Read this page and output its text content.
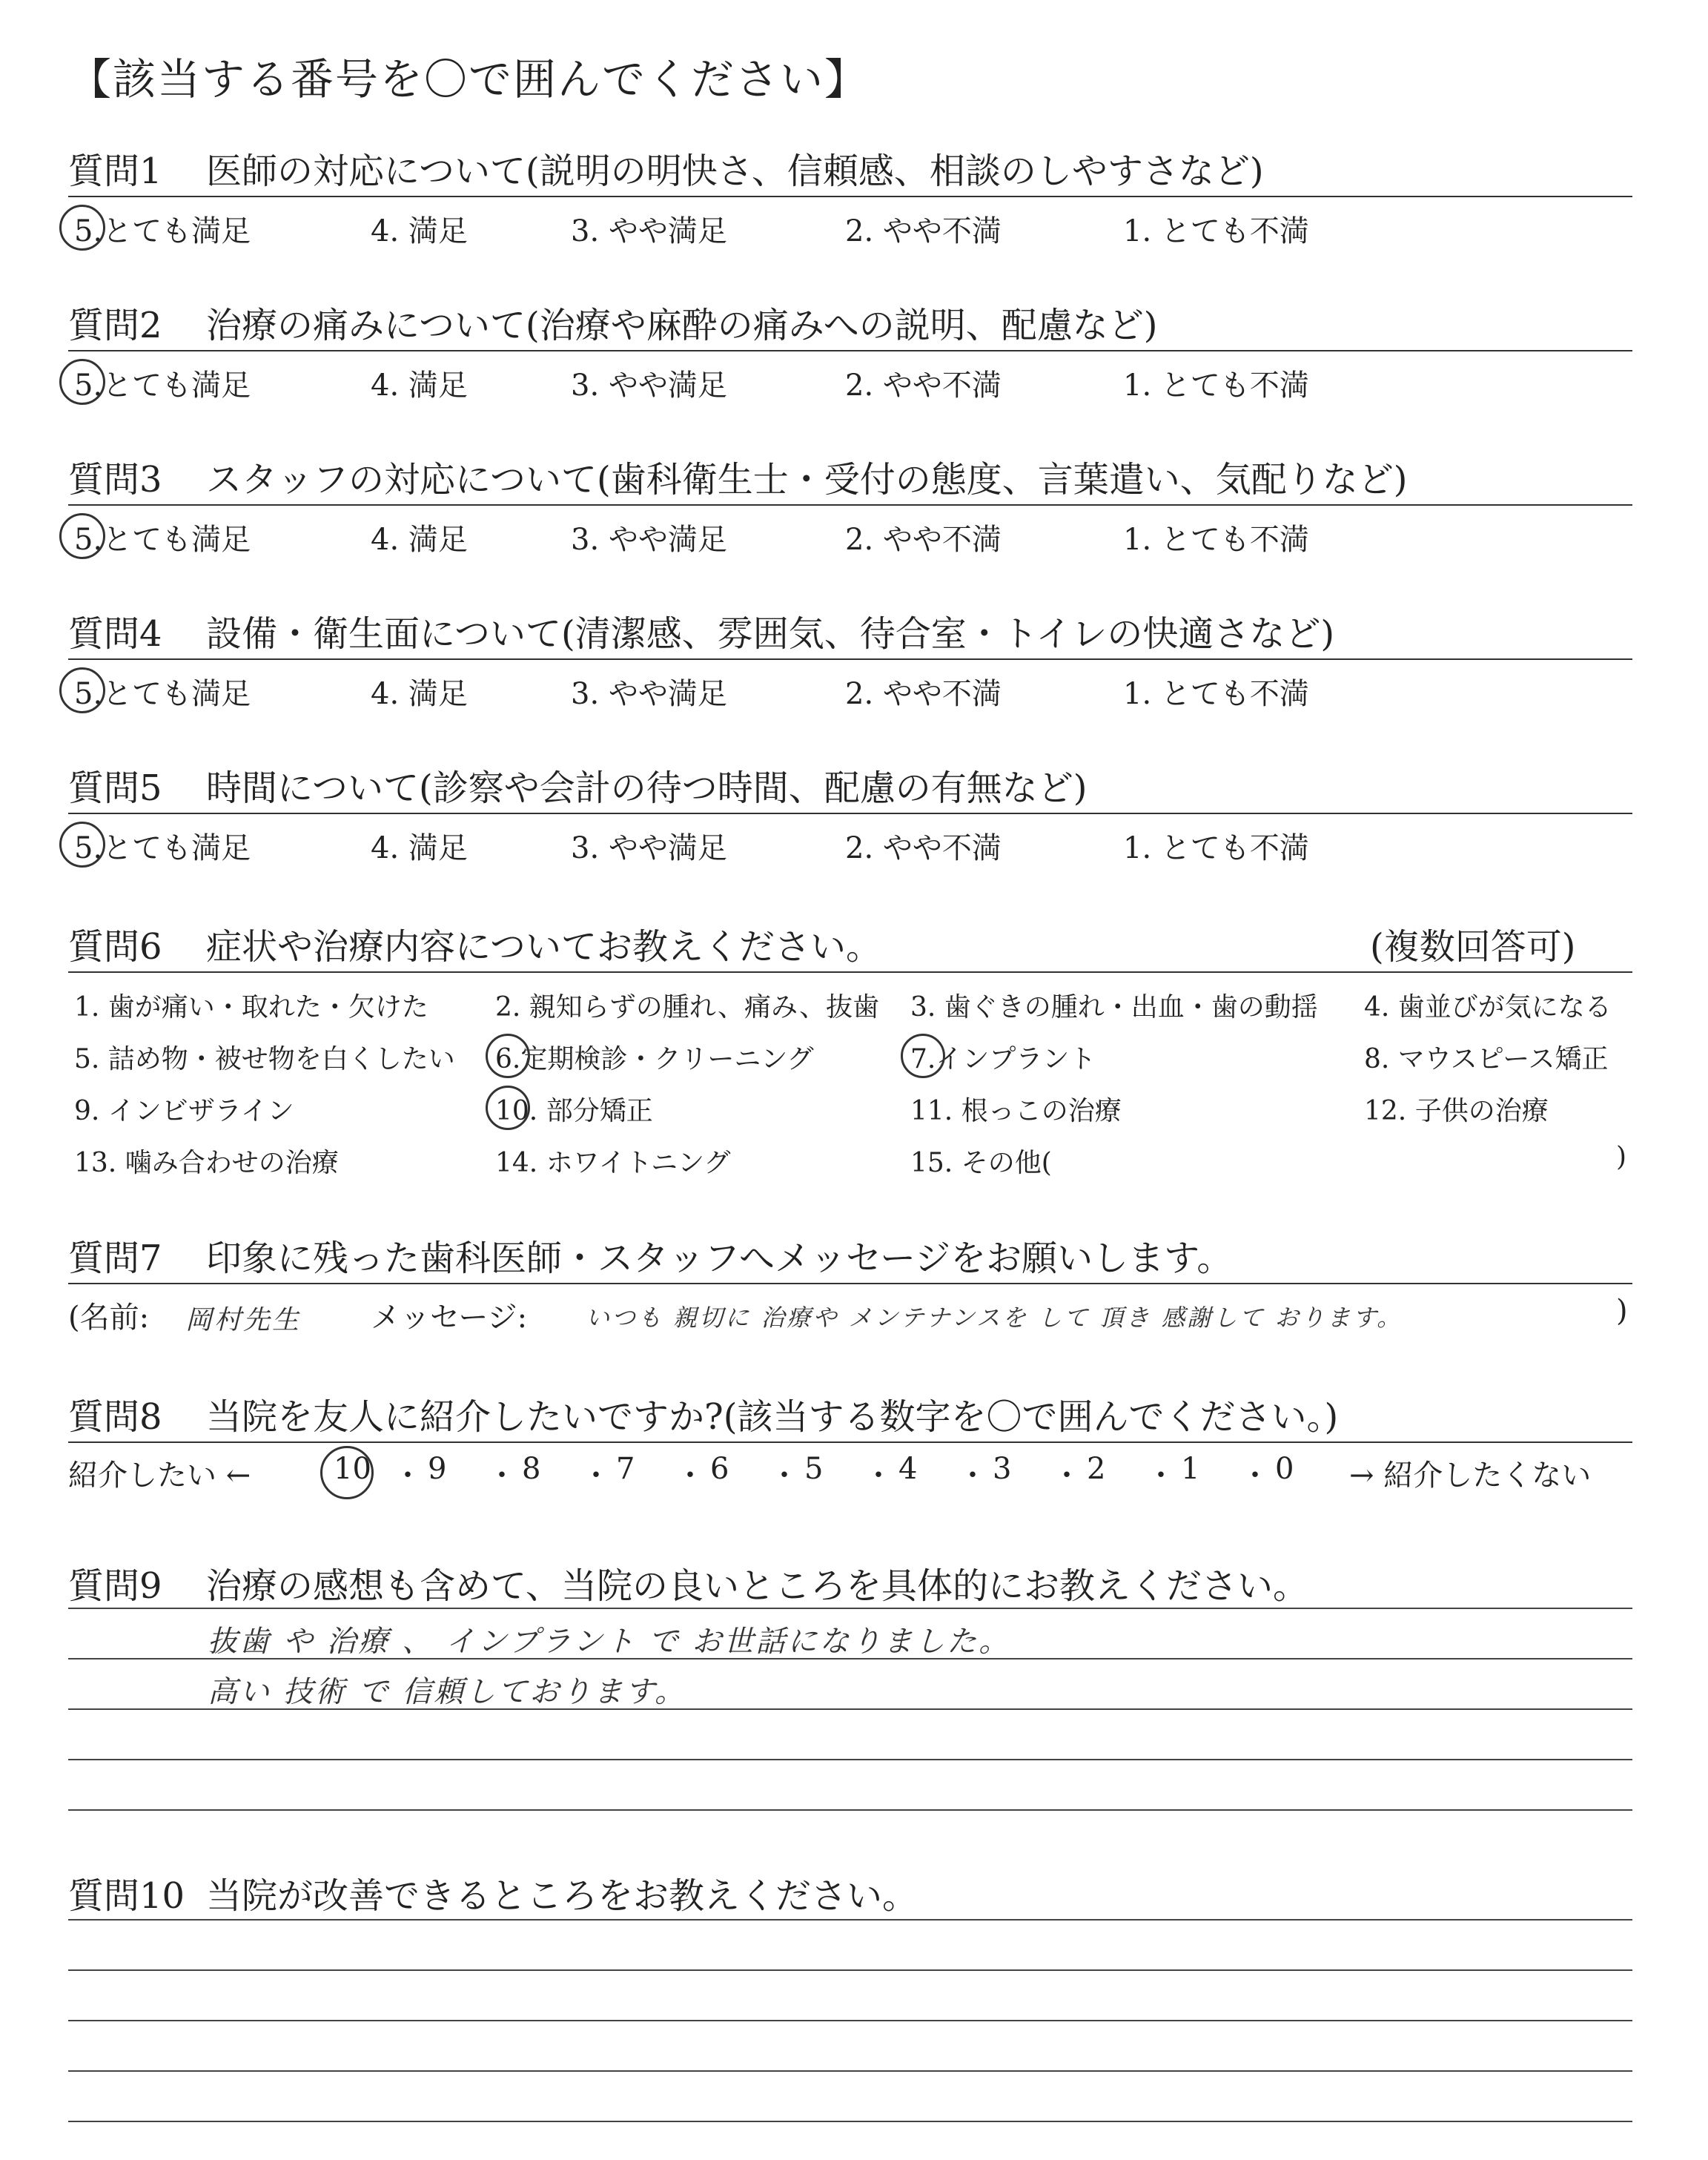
【該当する番号を〇で囲んでください】
質問1 医師の対応について(説明の明快さ、信頼感、相談のしやすさなど)
5.とても満足	4. 満足	3. やや満足	2. やや不満	1. とても不満
質問2 治療の痛みについて(治療や麻酔の痛みへの説明、配慮など)
5.とても満足	4. 満足	3. やや満足	2. やや不満	1. とても不満
質問3 スタッフの対応について(歯科衛生士・受付の態度、言葉遣い、気配りなど)
5.とても満足	4. 満足	3. やや満足	2. やや不満	1. とても不満
質問4 設備・衛生面について(清潔感、雰囲気、待合室・トイレの快適さなど)
5.とても満足	4. 満足	3. やや満足	2. やや不満	1. とても不満
質問5 時間について(診察や会計の待つ時間、配慮の有無など)
5.とても満足	4. 満足	3. やや満足	2. やや不満	1. とても不満
質問6 症状や治療内容についてお教えください。	(複数回答可)
1. 歯が痛い・取れた・欠けた	2. 親知らずの腫れ、痛み、抜歯 3. 歯ぐきの腫れ・出血・歯の動揺 4. 歯並びが気になる
5. 詰め物・被せ物を白くしたい 6.定期検診・クリーニング	7.インプラント	8. マウスピース矯正
9. インビザライン	10. 部分矯正	11. 根っこの治療	12. 子供の治療
13. 噛み合わせの治療	14. ホワイトニング	15. その他(	)
質問7 印象に残った歯科医師・スタッフへメッセージをお願いします。
(名前: 岡村先生 メッセージ: いつも 親切に 治療や メンテナンスを して 頂き 感謝して おります。	)
質問8 当院を友人に紹介したいですか?(該当する数字を〇で囲んでください。)
紹介したい ←	10 ・ 9 ・ 8 ・ 7 ・ 6 ・ 5 ・ 4 ・ 3 ・ 2 ・ 1 ・ 0 → 紹介したくない
質問9 治療の感想も含めて、当院の良いところを具体的にお教えください。
抜歯 や 治療 、 インプラント で お世話になりました。
高い 技術 で 信頼しております。
質問10 当院が改善できるところをお教えください。
